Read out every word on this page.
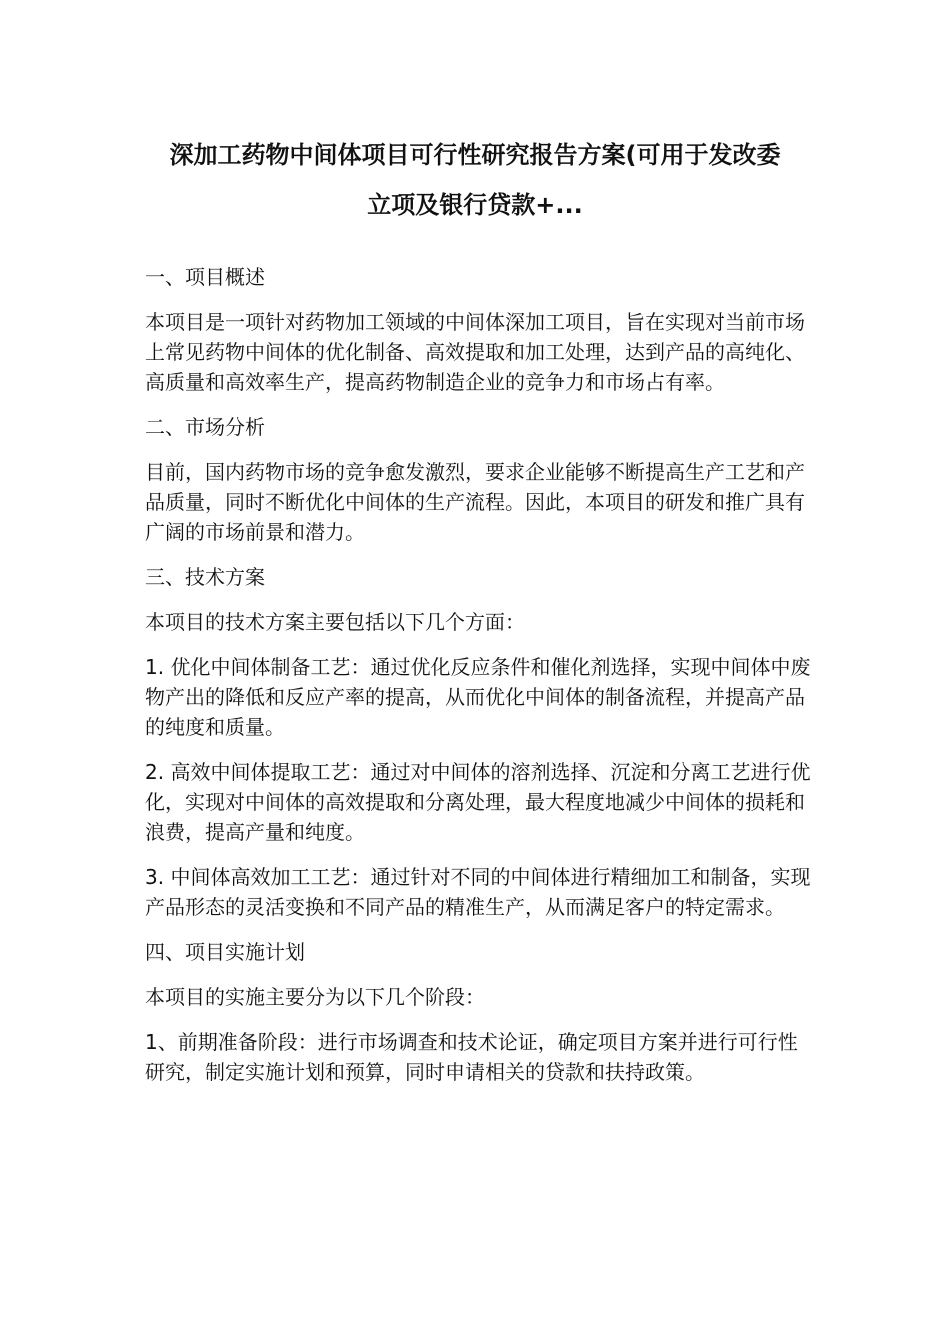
深加工药物中间体项目可行性研究报告方案(可用于发改委
立项及银行贷款+...

一、项目概述

本项目是一项针对药物加工领域的中间体深加工项目，旨在实现对当前市场上常见药物中间体的优化制备、高效提取和加工处理，达到产品的高纯化、高质量和高效率生产，提高药物制造企业的竞争力和市场占有率。

二、市场分析

目前，国内药物市场的竞争愈发激烈，要求企业能够不断提高生产工艺和产品质量，同时不断优化中间体的生产流程。因此，本项目的研发和推广具有广阔的市场前景和潜力。

三、技术方案

本项目的技术方案主要包括以下几个方面：

1. 优化中间体制备工艺：通过优化反应条件和催化剂选择，实现中间体中废物产出的降低和反应产率的提高，从而优化中间体的制备流程，并提高产品的纯度和质量。

2. 高效中间体提取工艺：通过对中间体的溶剂选择、沉淀和分离工艺进行优化，实现对中间体的高效提取和分离处理，最大程度地减少中间体的损耗和浪费，提高产量和纯度。

3. 中间体高效加工工艺：通过针对不同的中间体进行精细加工和制备，实现产品形态的灵活变换和不同产品的精准生产，从而满足客户的特定需求。

四、项目实施计划

本项目的实施主要分为以下几个阶段：

1、前期准备阶段：进行市场调查和技术论证，确定项目方案并进行可行性研究，制定实施计划和预算，同时申请相关的贷款和扶持政策。
